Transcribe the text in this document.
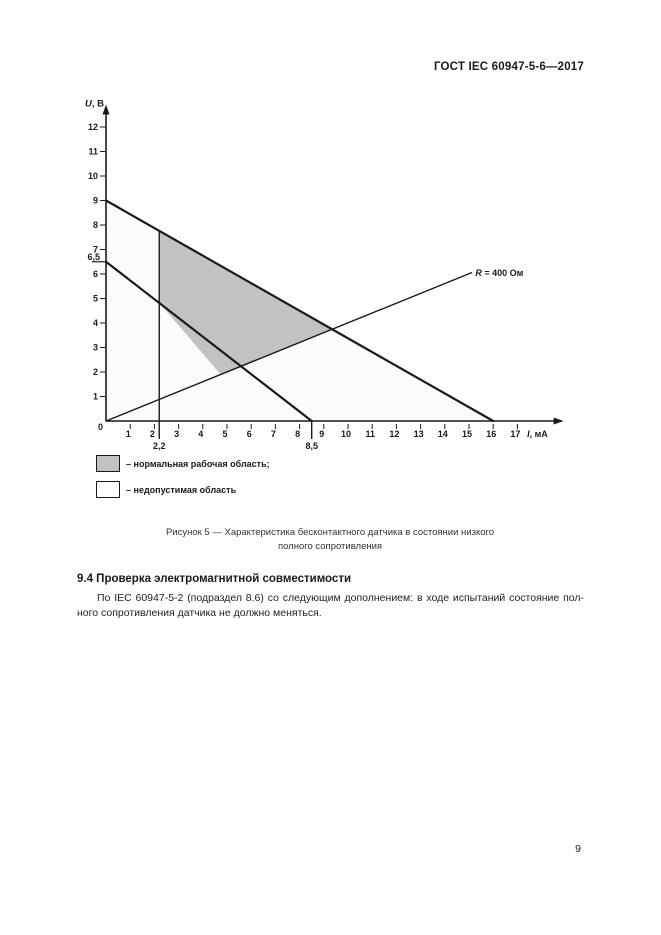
ГОСТ IEC 60947-5-6—2017
1 2 3 4 5 6 7 8 9 10 11 12 13 14 15 16 17
1
2
3
4
5
6
7
8
9
10
11
12
0
2,2	8,5
6,5
U, В
I, мА
R = 400 Ом
– нормальная рабочая область;
– недопустимая область
Рисунок 5 — Характеристика бесконтактного датчика в состоянии низкого
полного сопротивления
9.4 Проверка электромагнитной совместимости
По IEC 60947-5-2 (подраздел 8.6) со следующим дополнением: в ходе испытаний состояние пол-
ного сопротивления датчика не должно меняться.
9
